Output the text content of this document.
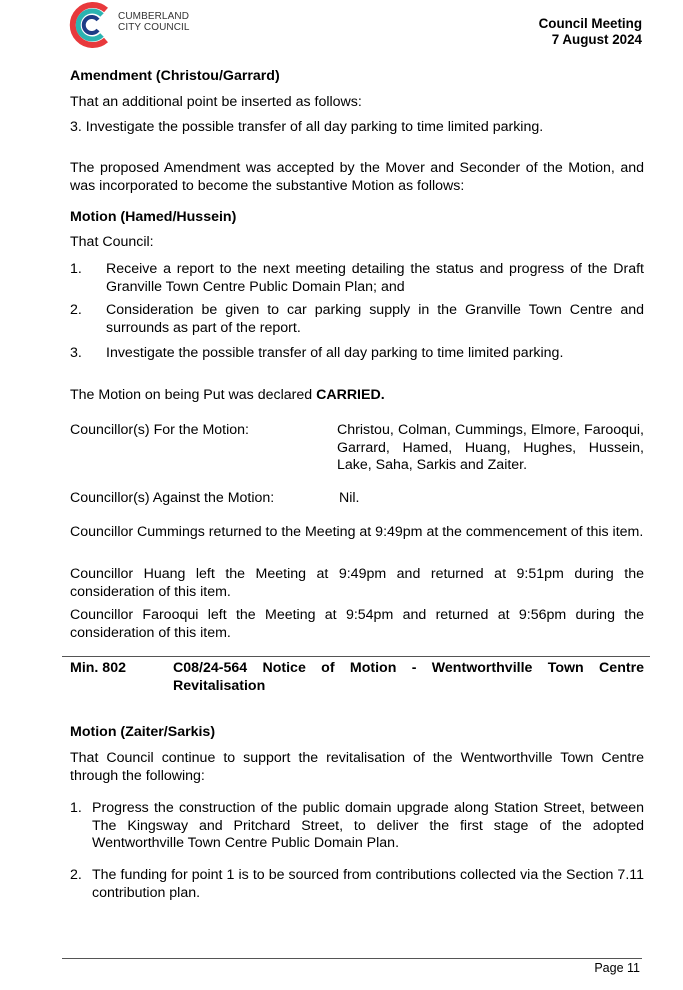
CUMBERLAND
CITY COUNCIL	Council Meeting
7 August 2024
Amendment (Christou/Garrard)
That an additional point be inserted as follows:
3. Investigate the possible transfer of all day parking to time limited parking.
The proposed Amendment was accepted by the Mover and Seconder of the Motion, and was incorporated to become the substantive Motion as follows:
Motion (Hamed/Hussein)
That Council:
1.	Receive a report to the next meeting detailing the status and progress of the Draft Granville Town Centre Public Domain Plan; and
2.	Consideration be given to car parking supply in the Granville Town Centre and surrounds as part of the report.
3.	Investigate the possible transfer of all day parking to time limited parking.
The Motion on being Put was declared CARRIED.
Councillor(s) For the Motion:	Christou, Colman, Cummings, Elmore, Farooqui, Garrard, Hamed, Huang, Hughes, Hussein, Lake, Saha, Sarkis and Zaiter.
Councillor(s) Against the Motion:	Nil.
Councillor Cummings returned to the Meeting at 9:49pm at the commencement of this item.
Councillor Huang left the Meeting at 9:49pm and returned at 9:51pm during the consideration of this item.
Councillor Farooqui left the Meeting at 9:54pm and returned at 9:56pm during the consideration of this item.
Min. 802	C08/24-564 Notice of Motion - Wentworthville Town Centre Revitalisation
Motion (Zaiter/Sarkis)
That Council continue to support the revitalisation of the Wentworthville Town Centre through the following:
1. Progress the construction of the public domain upgrade along Station Street, between The Kingsway and Pritchard Street, to deliver the first stage of the adopted Wentworthville Town Centre Public Domain Plan.
2. The funding for point 1 is to be sourced from contributions collected via the Section 7.11 contribution plan.
Page 11
